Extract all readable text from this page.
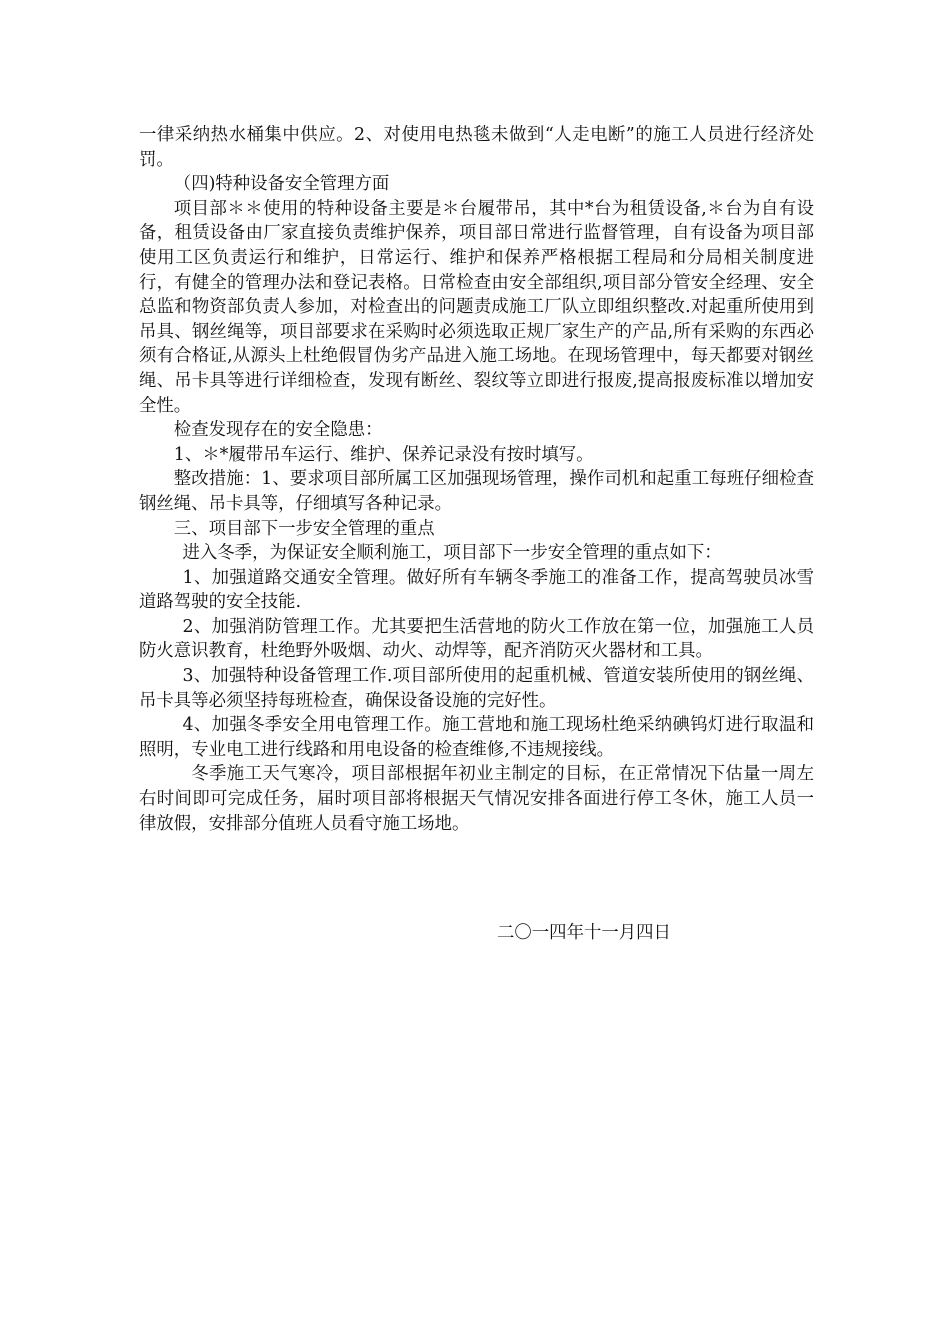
一律采纳热水桶集中供应。2、对使用电热毯未做到“人走电断”的施工人员进行经济处罚。

（四)特种设备安全管理方面

项目部＊＊使用的特种设备主要是＊台履带吊，其中*台为租赁设备,＊台为自有设备，租赁设备由厂家直接负责维护保养，项目部日常进行监督管理，自有设备为项目部使用工区负责运行和维护，日常运行、维护和保养严格根据工程局和分局相关制度进行，有健全的管理办法和登记表格。日常检查由安全部组织,项目部分管安全经理、安全总监和物资部负责人参加，对检查出的问题责成施工厂队立即组织整改.对起重所使用到吊具、钢丝绳等，项目部要求在采购时必须选取正规厂家生产的产品,所有采购的东西必须有合格证,从源头上杜绝假冒伪劣产品进入施工场地。在现场管理中，每天都要对钢丝绳、吊卡具等进行详细检查，发现有断丝、裂纹等立即进行报废,提高报废标准以增加安全性。

检查发现存在的安全隐患：

1、＊*履带吊车运行、维护、保养记录没有按时填写。

整改措施：1、要求项目部所属工区加强现场管理，操作司机和起重工每班仔细检查钢丝绳、吊卡具等，仔细填写各种记录。

三、项目部下一步安全管理的重点

进入冬季，为保证安全顺利施工，项目部下一步安全管理的重点如下：

1、加强道路交通安全管理。做好所有车辆冬季施工的准备工作，提高驾驶员冰雪道路驾驶的安全技能.

2、加强消防管理工作。尤其要把生活营地的防火工作放在第一位，加强施工人员防火意识教育，杜绝野外吸烟、动火、动焊等，配齐消防灭火器材和工具。

3、加强特种设备管理工作.项目部所使用的起重机械、管道安装所使用的钢丝绳、吊卡具等必须坚持每班检查，确保设备设施的完好性。

4、加强冬季安全用电管理工作。施工营地和施工现场杜绝采纳碘钨灯进行取温和照明，专业电工进行线路和用电设备的检查维修,不违规接线。

冬季施工天气寒冷，项目部根据年初业主制定的目标，在正常情况下估量一周左右时间即可完成任务，届时项目部将根据天气情况安排各面进行停工冬休，施工人员一律放假，安排部分值班人员看守施工场地。

二〇一四年十一月四日
